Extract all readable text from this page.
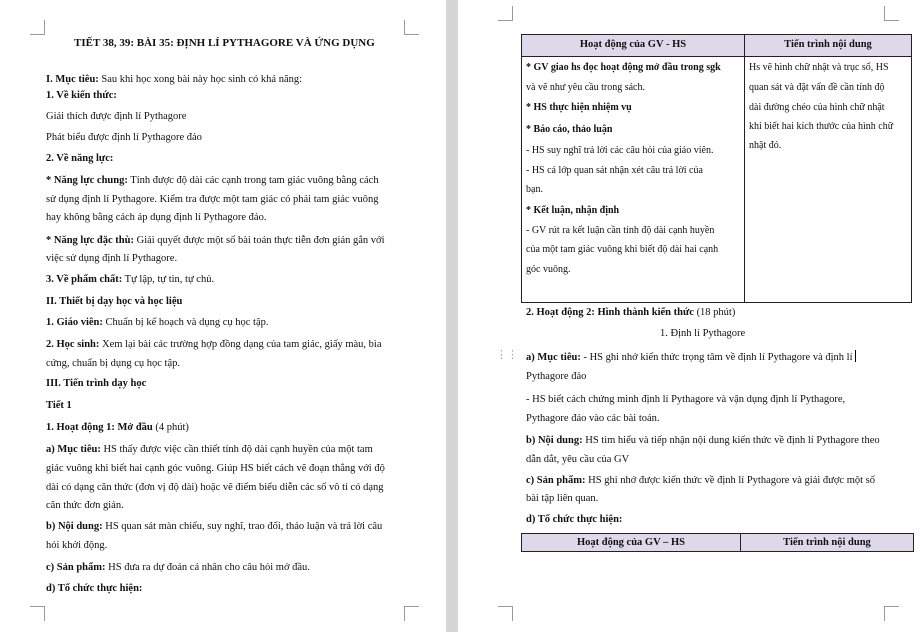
TIẾT 38, 39: BÀI 35: ĐỊNH LÍ PYTHAGORE VÀ ỨNG DỤNG
I. Mục tiêu: Sau khi học xong bài này học sinh có khả năng:
1. Về kiến thức:
Giải thích được định lí Pythagore
Phát biểu được định lí Pythagore đảo
2. Về năng lực:
* Năng lực chung: Tính được độ dài các cạnh trong tam giác vuông bằng cách
sử dụng định lí Pythagore. Kiểm tra được một tam giác có phải tam giác vuông
hay không bằng cách áp dụng định lí Pythagore đảo.
* Năng lực đặc thù: Giải quyết được một số bài toán thực tiễn đơn giản gắn với
việc sử dụng định lí Pythagore.
3. Về phẩm chất: Tự lập, tự tin, tự chủ.
II. Thiết bị dạy học và học liệu
1. Giáo viên: Chuẩn bị kế hoạch và dụng cụ học tập.
2. Học sinh: Xem lại bài các trường hợp đồng dạng của tam giác, giấy màu, bìa
cứng, chuẩn bị dụng cụ học tập.
III. Tiến trình dạy học
Tiết 1
1. Hoạt động 1: Mở đầu (4 phút)
a) Mục tiêu: HS thấy được việc cần thiết tính độ dài cạnh huyền của một tam
giác vuông khi biết hai cạnh góc vuông. Giúp HS biết cách vẽ đoạn thẳng với độ
dài có dạng căn thức (đơn vị độ dài) hoặc vẽ điểm biểu diễn các số vô tỉ có dạng
căn thức đơn giản.
b) Nội dung: HS quan sát màn chiếu, suy nghĩ, trao đổi, thảo luận và trả lời câu
hỏi khởi động.
c) Sản phẩm: HS đưa ra dự đoán cá nhân cho câu hỏi mở đầu.
d) Tổ chức thực hiện:
Hoạt động của GV - HS	Tiến trình nội dung
* GV giao hs đọc hoạt động mở đầu trong sgk
và vẽ như yêu cầu trong sách.
* HS thực hiện nhiệm vụ
* Báo cáo, thảo luận
- HS suy nghĩ trả lời các câu hỏi của giáo viên.
- HS cả lớp quan sát nhận xét câu trả lời của
bạn.
* Kết luận, nhận định
- GV rút ra kết luận cần tính độ dài cạnh huyền
của một tam giác vuông khi biết độ dài hai cạnh
góc vuông.
Hs vẽ hình chữ nhật và trục số, HS
quan sát và đặt vấn đề cần tính độ
dài đường chéo của hình chữ nhật
khi biết hai kích thước của hình chữ
nhật đó.
2. Hoạt động 2: Hình thành kiến thức (18 phút)
1. Định lí Pythagore
⋮⋮ a) Mục tiêu: - HS ghi nhớ kiến thức trọng tâm về định lí Pythagore và định lí
Pythagore đảo
- HS biết cách chứng minh định lí Pythagore và vận dụng định lí Pythagore,
Pythagore đảo vào các bài toán.
b) Nội dung: HS tìm hiểu và tiếp nhận nội dung kiến thức về định lí Pythagore theo
dẫn dắt, yêu cầu của GV
c) Sản phẩm: HS ghi nhớ được kiến thức về định lí Pythagore và giải được một số
bài tập liên quan.
d) Tổ chức thực hiện:
Hoạt động của GV – HS	Tiến trình nội dung
